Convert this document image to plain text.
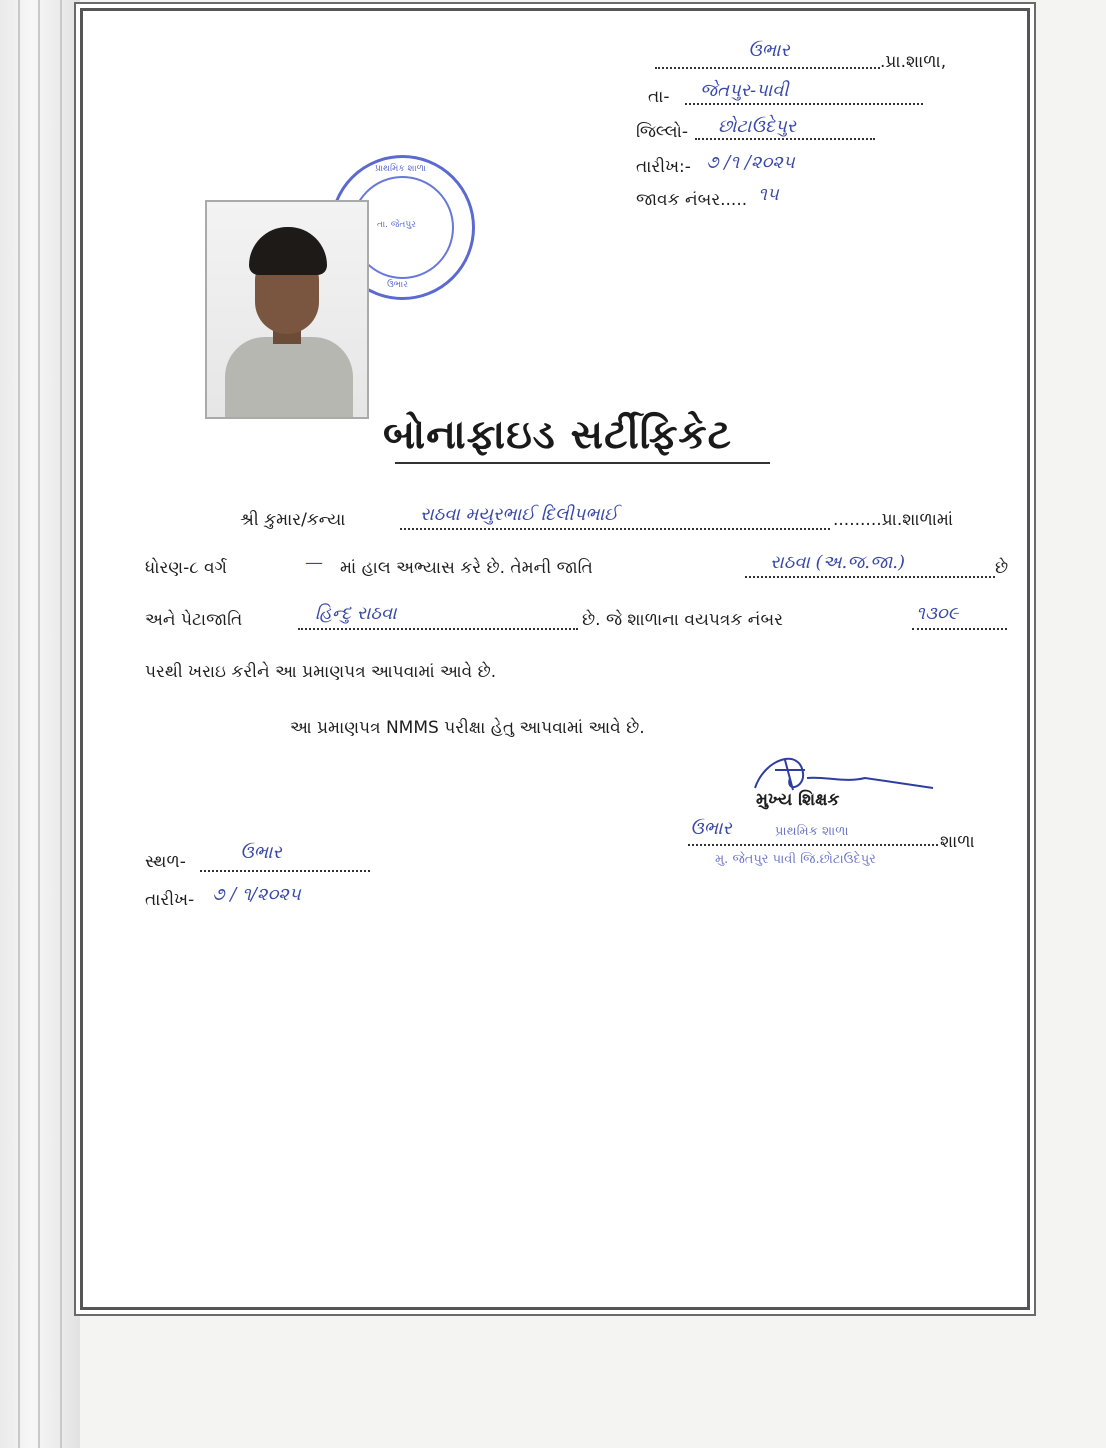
ઉભાર
.પ્રા.શાળા,
તા- જેતપુર-પાવી
જિલ્લો- છોટાઉદેપુર
તારીખ:- ૭ /૧ /૨૦૨૫
જાવક નંબર..... ૧૫
પ્રાથમિક શાળા
ઉભાર
તા. જેતપુર
બોનાફાઇડ સર્ટીફિકેટ
શ્રી કુમાર/કન્યા	રાઠવા મયુરભાઈ દિલીપભાઈ	.........પ્રા.શાળામાં
ધોરણ-૮ વર્ગ	— માં હાલ અભ્યાસ કરે છે. તેમની જાતિ	રાઠવા (અ.જ.જા.)	છે
અને પેટાજાતિ	હિન્દુ રાઠવા	છે. જે શાળાના વયપત્રક નંબર	૧૩૦૯
પરથી ખરાઇ કરીને આ પ્રમાણપત્ર આપવામાં આવે છે.
આ પ્રમાણપત્ર NMMS પરીક્ષા હેતુ આપવામાં આવે છે.
મુખ્ય શિક્ષક
ઉભાર
શાળા
પ્રાથમિક શાળા
મુ. જેતપુર પાવી જિ.છોટાઉદેપુર
સ્થળ-	ઉભાર
તારીખ- ૭ / ૧/૨૦૨૫
